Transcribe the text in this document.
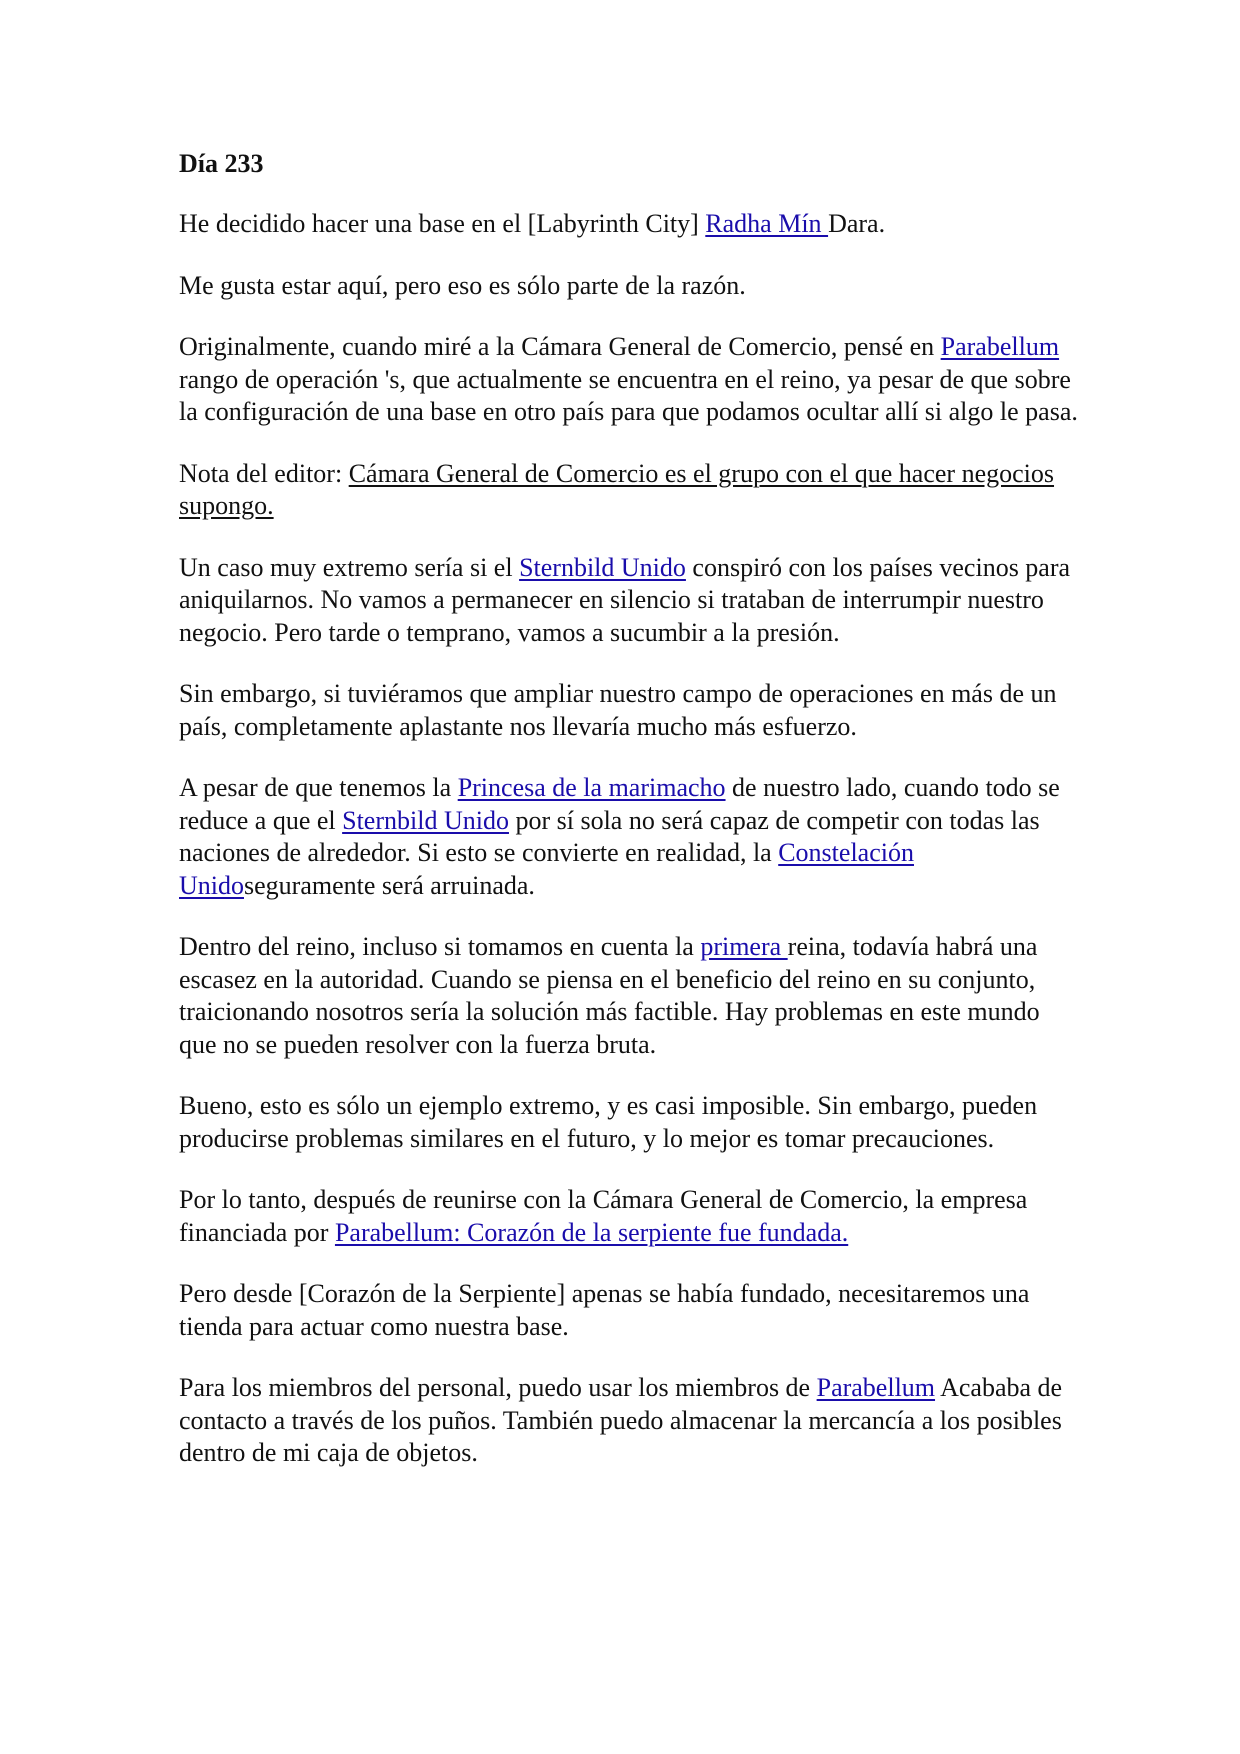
Día 233

He decidido hacer una base en el [Labyrinth City] Radha Mín Dara.

Me gusta estar aquí, pero eso es sólo parte de la razón.

Originalmente, cuando miré a la Cámara General de Comercio, pensé en Parabellum rango de operación 's, que actualmente se encuentra en el reino, ya pesar de que sobre la configuración de una base en otro país para que podamos ocultar allí si algo le pasa.

Nota del editor: Cámara General de Comercio es el grupo con el que hacer negocios supongo.

Un caso muy extremo sería si el Sternbild Unido conspiró con los países vecinos para aniquilarnos. No vamos a permanecer en silencio si trataban de interrumpir nuestro negocio. Pero tarde o temprano, vamos a sucumbir a la presión.

Sin embargo, si tuviéramos que ampliar nuestro campo de operaciones en más de un país, completamente aplastante nos llevaría mucho más esfuerzo.

A pesar de que tenemos la Princesa de la marimacho de nuestro lado, cuando todo se reduce a que el Sternbild Unido por sí sola no será capaz de competir con todas las naciones de alrededor. Si esto se convierte en realidad, la Constelación Unidoseguramente será arruinada.

Dentro del reino, incluso si tomamos en cuenta la primera reina, todavía habrá una escasez en la autoridad. Cuando se piensa en el beneficio del reino en su conjunto, traicionando nosotros sería la solución más factible. Hay problemas en este mundo que no se pueden resolver con la fuerza bruta.

Bueno, esto es sólo un ejemplo extremo, y es casi imposible. Sin embargo, pueden producirse problemas similares en el futuro, y lo mejor es tomar precauciones.

Por lo tanto, después de reunirse con la Cámara General de Comercio, la empresa financiada por Parabellum: Corazón de la serpiente fue fundada.

Pero desde [Corazón de la Serpiente] apenas se había fundado, necesitaremos una tienda para actuar como nuestra base.

Para los miembros del personal, puedo usar los miembros de Parabellum Acababa de contacto a través de los puños. También puedo almacenar la mercancía a los posibles dentro de mi caja de objetos.
